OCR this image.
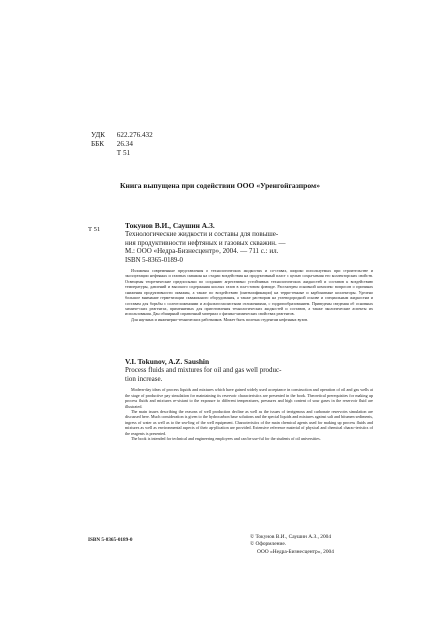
УДК 622.276.432
ББК 26.34
Т 51
Книга выпущена при содействии ООО «Уренгойгазпром»
Т 51	Токунов В.И., Саушин А.З.
Технологические жидкости и составы для повыше-
ния продуктивности нефтяных и газовых скважин. —
М.: ООО «Недра-Бизнесцентр», 2004. — 711 с.: ил.
ISBN 5-8365-0189-0

Изложены современные представления о технологических жидкостях и со-ставах, широко используемых при строительстве и эксплуатации нефтяных и газовых скважин на стадии воздействия на продуктивный пласт с целью сохра-нения его коллекторских свойств. Освещены теоретические предпосылки по созданию агрегативно устойчивых технологических жидкостей и составов к воздействию температуры, давлений и высокого содержания кислых газов в пла-стовом флюиде. Рассмотрен основной комплекс вопросов о причинах снижения продуктивности скважин, а также по воздействию (интенсификации) на терри-генные и карбонатные коллекторы. Уделено большое внимание герметизации скважинного оборудования, а также растворам на углеводородной основе и специальным жидкостям и составам для борьбы с солеотложениями и асфальтосмолистыми отложениями, с гидратообразованием. Приведены сведения об основных химиче-ских реагентах, применяемых для приготовления технологических жидкостей и составов, а также экологические аспекты их использования. Дан обширный справочный материал о физико-химических свойствах реагентов.

Для научных и инженерно-технических работников. Может быть полезна студентам нефтяных вузов.

V.I. Tokunov, A.Z. Saushin
Process fluids and mixtures for oil and gas well produc-
tion increase.

Modern-day ideas of process liquids and mixtures which have gained widely used acceptance in construction and operation of oil and gas wells at the stage of productive pay simulation for maintaining its reservoir characteristics are presented in the book. Theoretical prerequisites for making up process fluids and mixtures re-sistant to the exposure to different temperatures, pressures and high content of sour gases in the reservoir fluid are illustrated.

The main issues describing the reasons of well production decline as well as the issues of terrigenous and carbonate reservoirs simulation are discussed here. Much consideration is given to the hydrocarbon base solutions and the special liquids and mixtures against salt and bitumen sediments, ingress of water as well as to the sea-ling of the well equipment. Characteristics of the main chemical agents used for making up process fluids and mixtures as well as environmental aspects of their ap-plication are provided. Extensive reference material of physical and chemical charac-teristics of the reagents is presented.

The book is intended for technical and engineering employees and can be use-ful for the students of oil universities.

ISBN 5-8365-0189-0	© Токунов В.И., Саушин А.З., 2004
© Оформление.
ООО «Недра-Бизнесцентр», 2004
